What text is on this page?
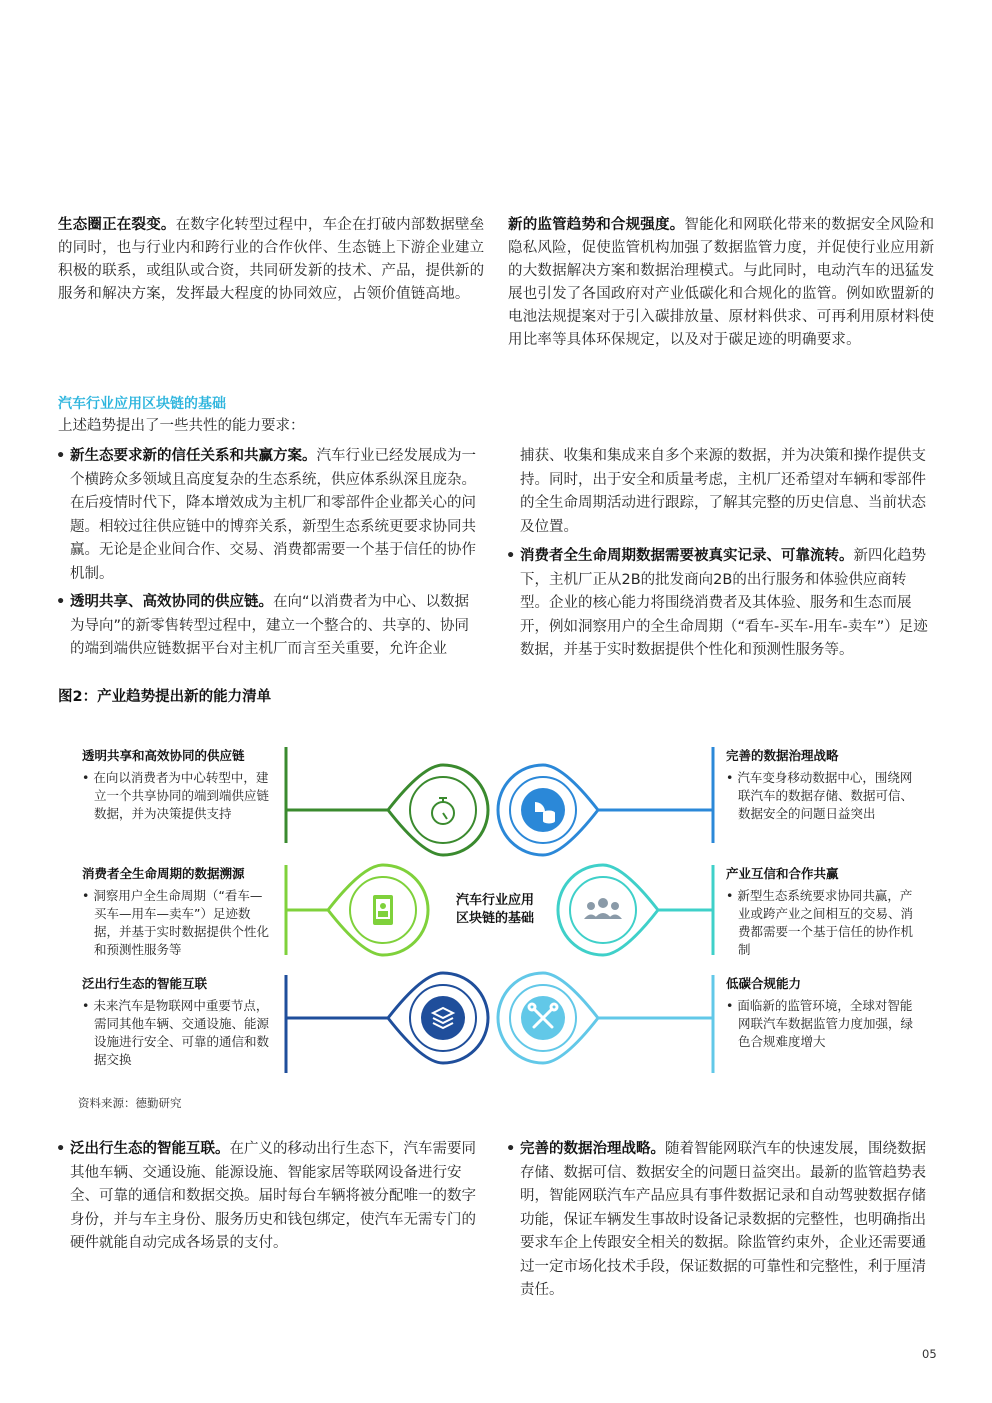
生态圈正在裂变。在数字化转型过程中，车企在打破内部数据壁垒的同时，也与行业内和跨行业的合作伙伴、生态链上下游企业建立积极的联系，或组队或合资，共同研发新的技术、产品，提供新的服务和解决方案，发挥最大程度的协同效应，占领价值链高地。
新的监管趋势和合规强度。智能化和网联化带来的数据安全风险和隐私风险，促使监管机构加强了数据监管力度，并促使行业应用新的大数据解决方案和数据治理模式。与此同时，电动汽车的迅猛发展也引发了各国政府对产业低碳化和合规化的监管。例如欧盟新的电池法规提案对于引入碳排放量、原材料供求、可再利用原材料使用比率等具体环保规定，以及对于碳足迹的明确要求。
汽车行业应用区块链的基础
上述趋势提出了一些共性的能力要求：
• 新生态要求新的信任关系和共赢方案。汽车行业已经发展成为一个横跨众多领域且高度复杂的生态系统，供应体系纵深且庞杂。在后疫情时代下，降本增效成为主机厂和零部件企业都关心的问题。相较过往供应链中的博弈关系，新型生态系统更要求协同共赢。无论是企业间合作、交易、消费都需要一个基于信任的协作机制。
• 透明共享、高效协同的供应链。在向“以消费者为中心、以数据为导向”的新零售转型过程中，建立一个整合的、共享的、协同的端到端供应链数据平台对主机厂而言至关重要，允许企业
捕获、收集和集成来自多个来源的数据，并为决策和操作提供支持。同时，出于安全和质量考虑，主机厂还希望对车辆和零部件的全生命周期活动进行跟踪，了解其完整的历史信息、当前状态及位置。
• 消费者全生命周期数据需要被真实记录、可靠流转。新四化趋势下，主机厂正从2B的批发商向2B的出行服务和体验供应商转型。企业的核心能力将围绕消费者及其体验、服务和生态而展开，例如洞察用户的全生命周期（“看车-买车-用车-卖车”）足迹数据，并基于实时数据提供个性化和预测性服务等。
图2：产业趋势提出新的能力清单
汽车行业应用
区块链的基础
透明共享和高效协同的供应链
• 在向以消费者为中心转型中，建立一个共享协同的端到端供应链数据，并为决策提供支持
消费者全生命周期的数据溯源
• 洞察用户全生命周期（“看车—买车—用车—卖车”）足迹数据，并基于实时数据提供个性化和预测性服务等
泛出行生态的智能互联
• 未来汽车是物联网中重要节点，需同其他车辆、交通设施、能源设施进行安全、可靠的通信和数据交换
完善的数据治理战略
• 汽车变身移动数据中心，围绕网联汽车的数据存储、数据可信、数据安全的问题日益突出
产业互信和合作共赢
• 新型生态系统要求协同共赢，产业或跨产业之间相互的交易、消费都需要一个基于信任的协作机制
低碳合规能力
• 面临新的监管环境，全球对智能网联汽车数据监管力度加强，绿色合规难度增大
资料来源：德勤研究
• 泛出行生态的智能互联。在广义的移动出行生态下，汽车需要同其他车辆、交通设施、能源设施、智能家居等联网设备进行安全、可靠的通信和数据交换。届时每台车辆将被分配唯一的数字身份，并与车主身份、服务历史和钱包绑定，使汽车无需专门的硬件就能自动完成各场景的支付。
• 完善的数据治理战略。随着智能网联汽车的快速发展，围绕数据存储、数据可信、数据安全的问题日益突出。最新的监管趋势表明，智能网联汽车产品应具有事件数据记录和自动驾驶数据存储功能，保证车辆发生事故时设备记录数据的完整性，也明确指出要求车企上传跟安全相关的数据。除监管约束外，企业还需要通过一定市场化技术手段，保证数据的可靠性和完整性，利于厘清责任。
05
